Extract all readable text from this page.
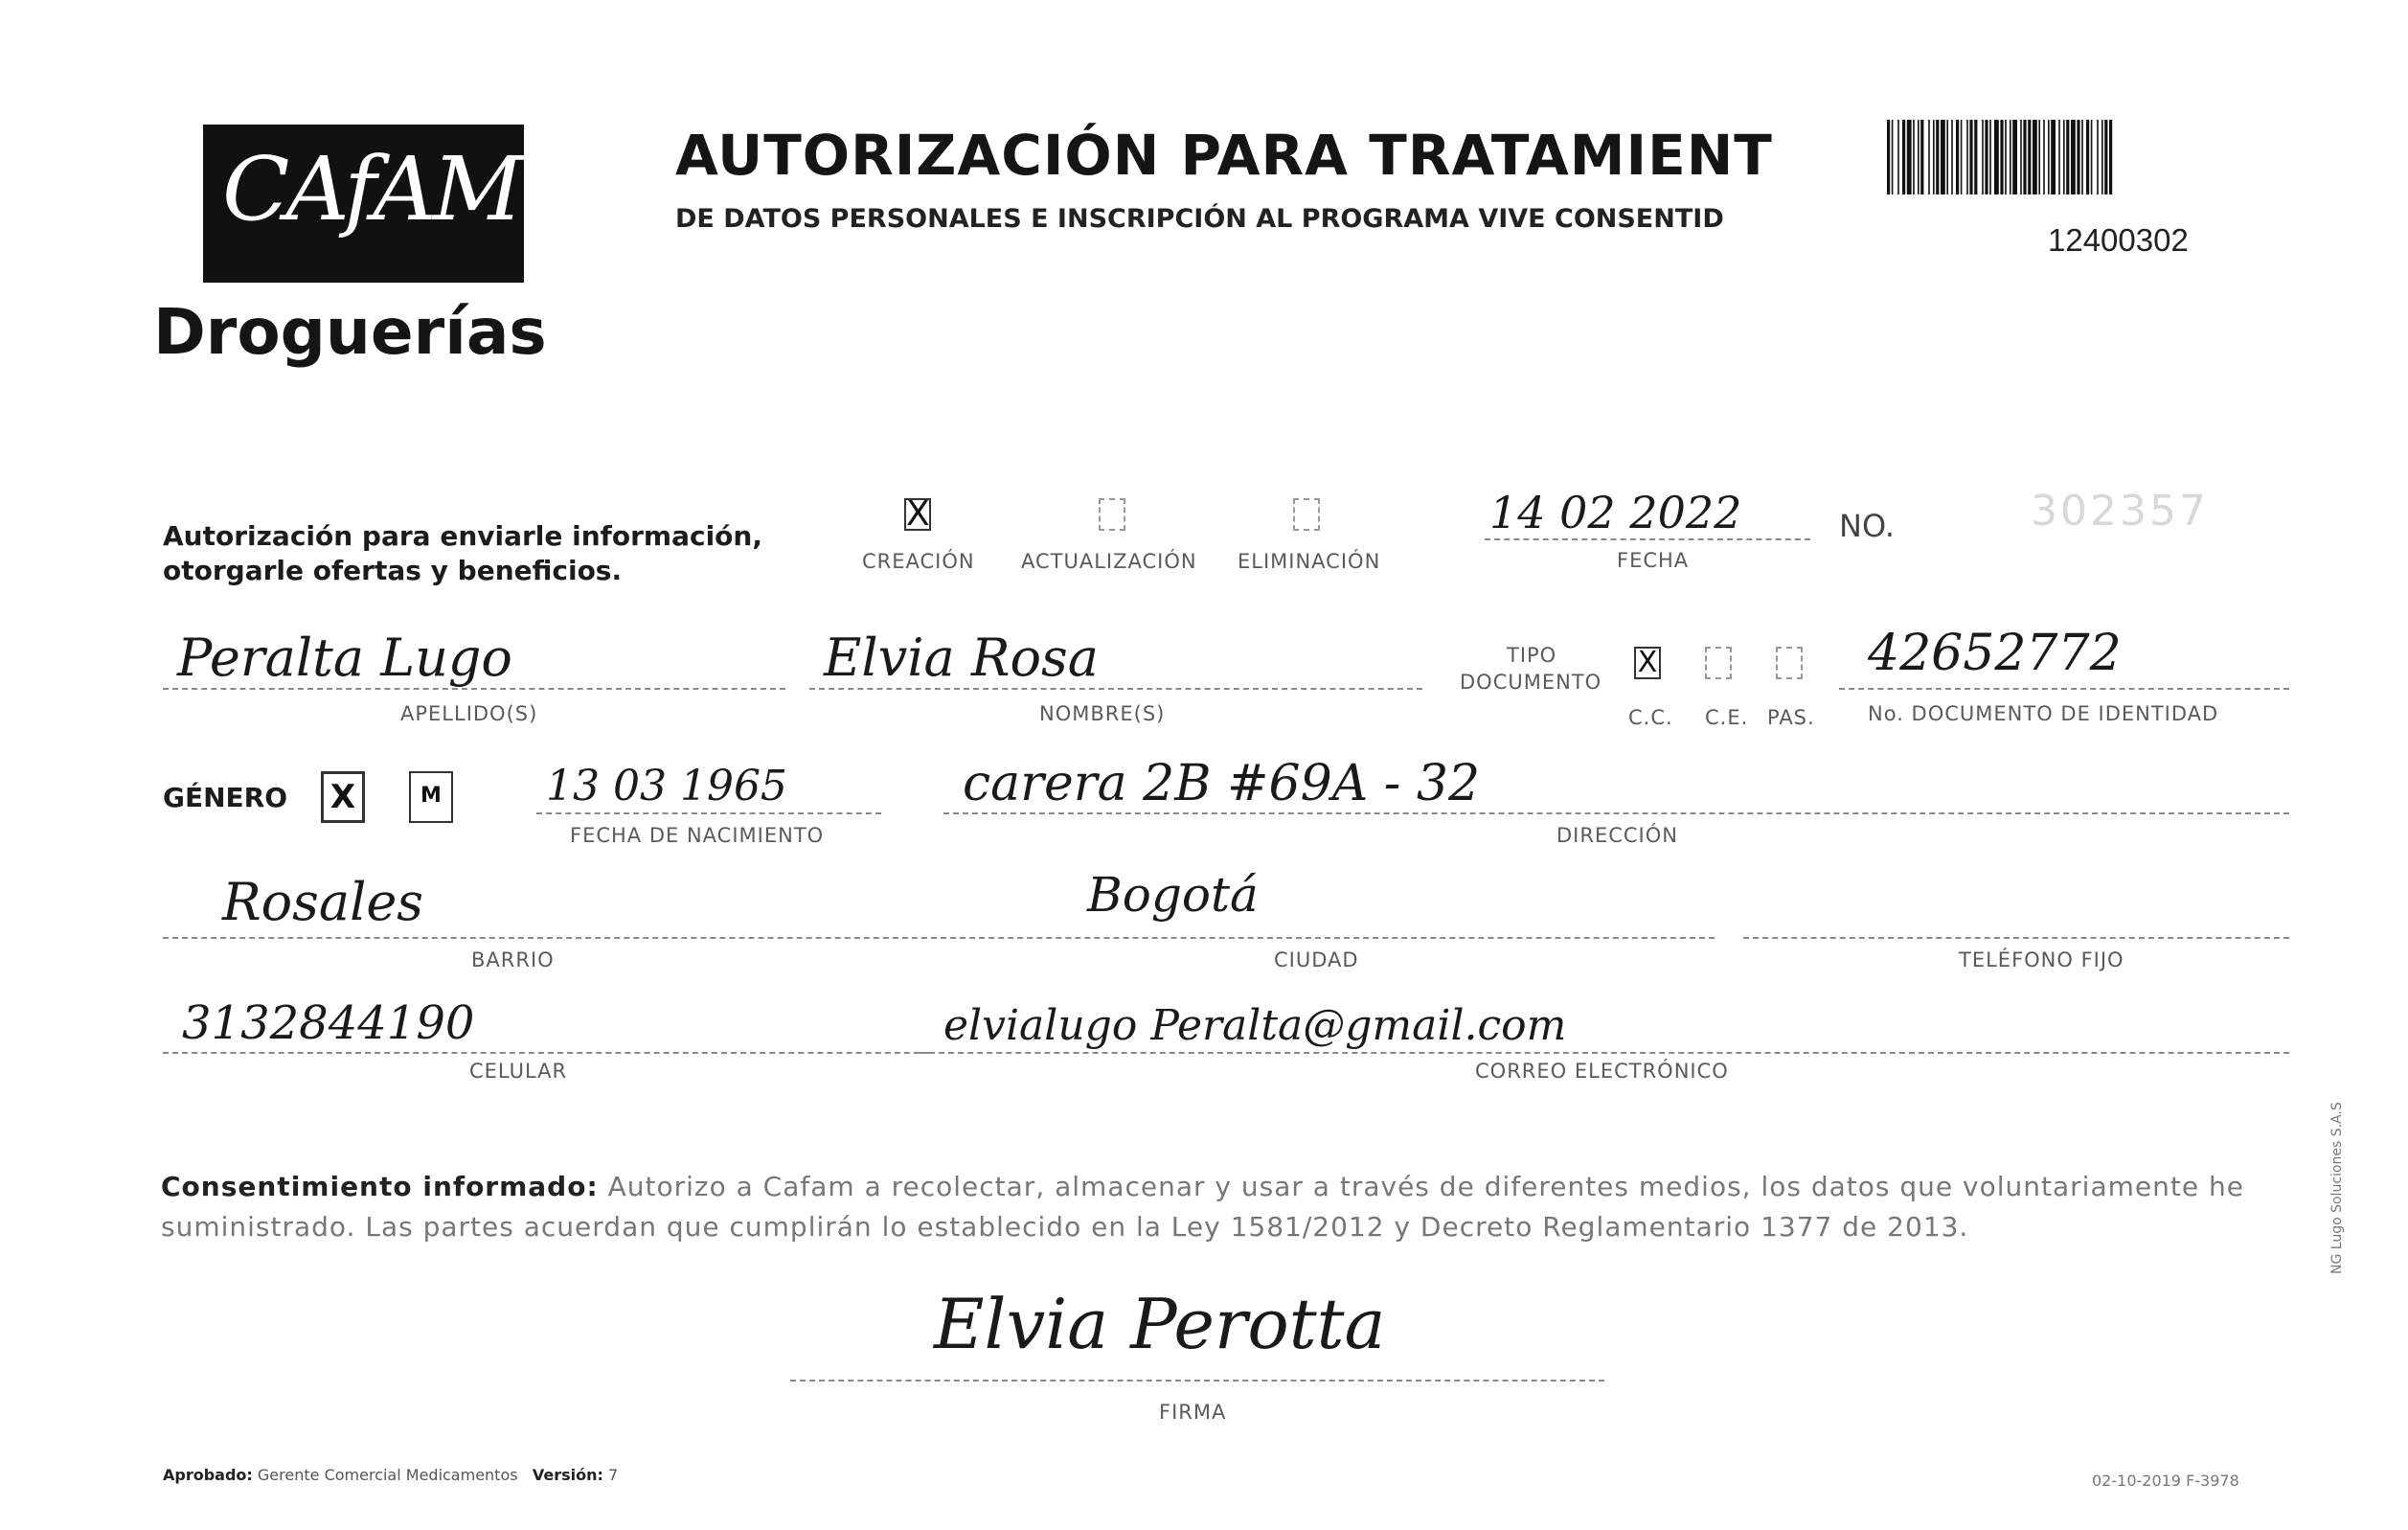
CAfAM
Droguerías
AUTORIZACIÓN PARA TRATAMIENT
DE DATOS PERSONALES E INSCRIPCIÓN AL PROGRAMA VIVE CONSENTID
12400302
Autorización para enviarle información,
otorgarle ofertas y beneficios.
X
CREACIÓN ACTUALIZACIÓN ELIMINACIÓN
14 02 2022
FECHA
NO.	302357
Peralta Lugo
APELLIDO(S)
Elvia Rosa
NOMBRE(S)
TIPO
DOCUMENTO
X
C.C. C.E. PAS.
42652772
No. DOCUMENTO DE IDENTIDAD
GÉNERO X	M 13 03 1965
FECHA DE NACIMIENTO
carera 2B #69A - 32
DIRECCIÓN
Rosales
BARRIO
Bogotá
CIUDAD	TELÉFONO FIJO
3132844190
CELULAR
elvialugo Peralta@gmail.com
CORREO ELECTRÓNICO
Consentimiento informado: Autorizo a Cafam a recolectar, almacenar y usar a través de diferentes medios, los datos que voluntariamente he suministrado. Las partes acuerdan que cumplirán lo establecido en la Ley 1581/2012 y Decreto Reglamentario 1377 de 2013.
Elvia Perotta
FIRMA
Aprobado: Gerente Comercial Medicamentos Versión: 7	02-10-2019 F-3978
NG Lugo Soluciones S.A.S
